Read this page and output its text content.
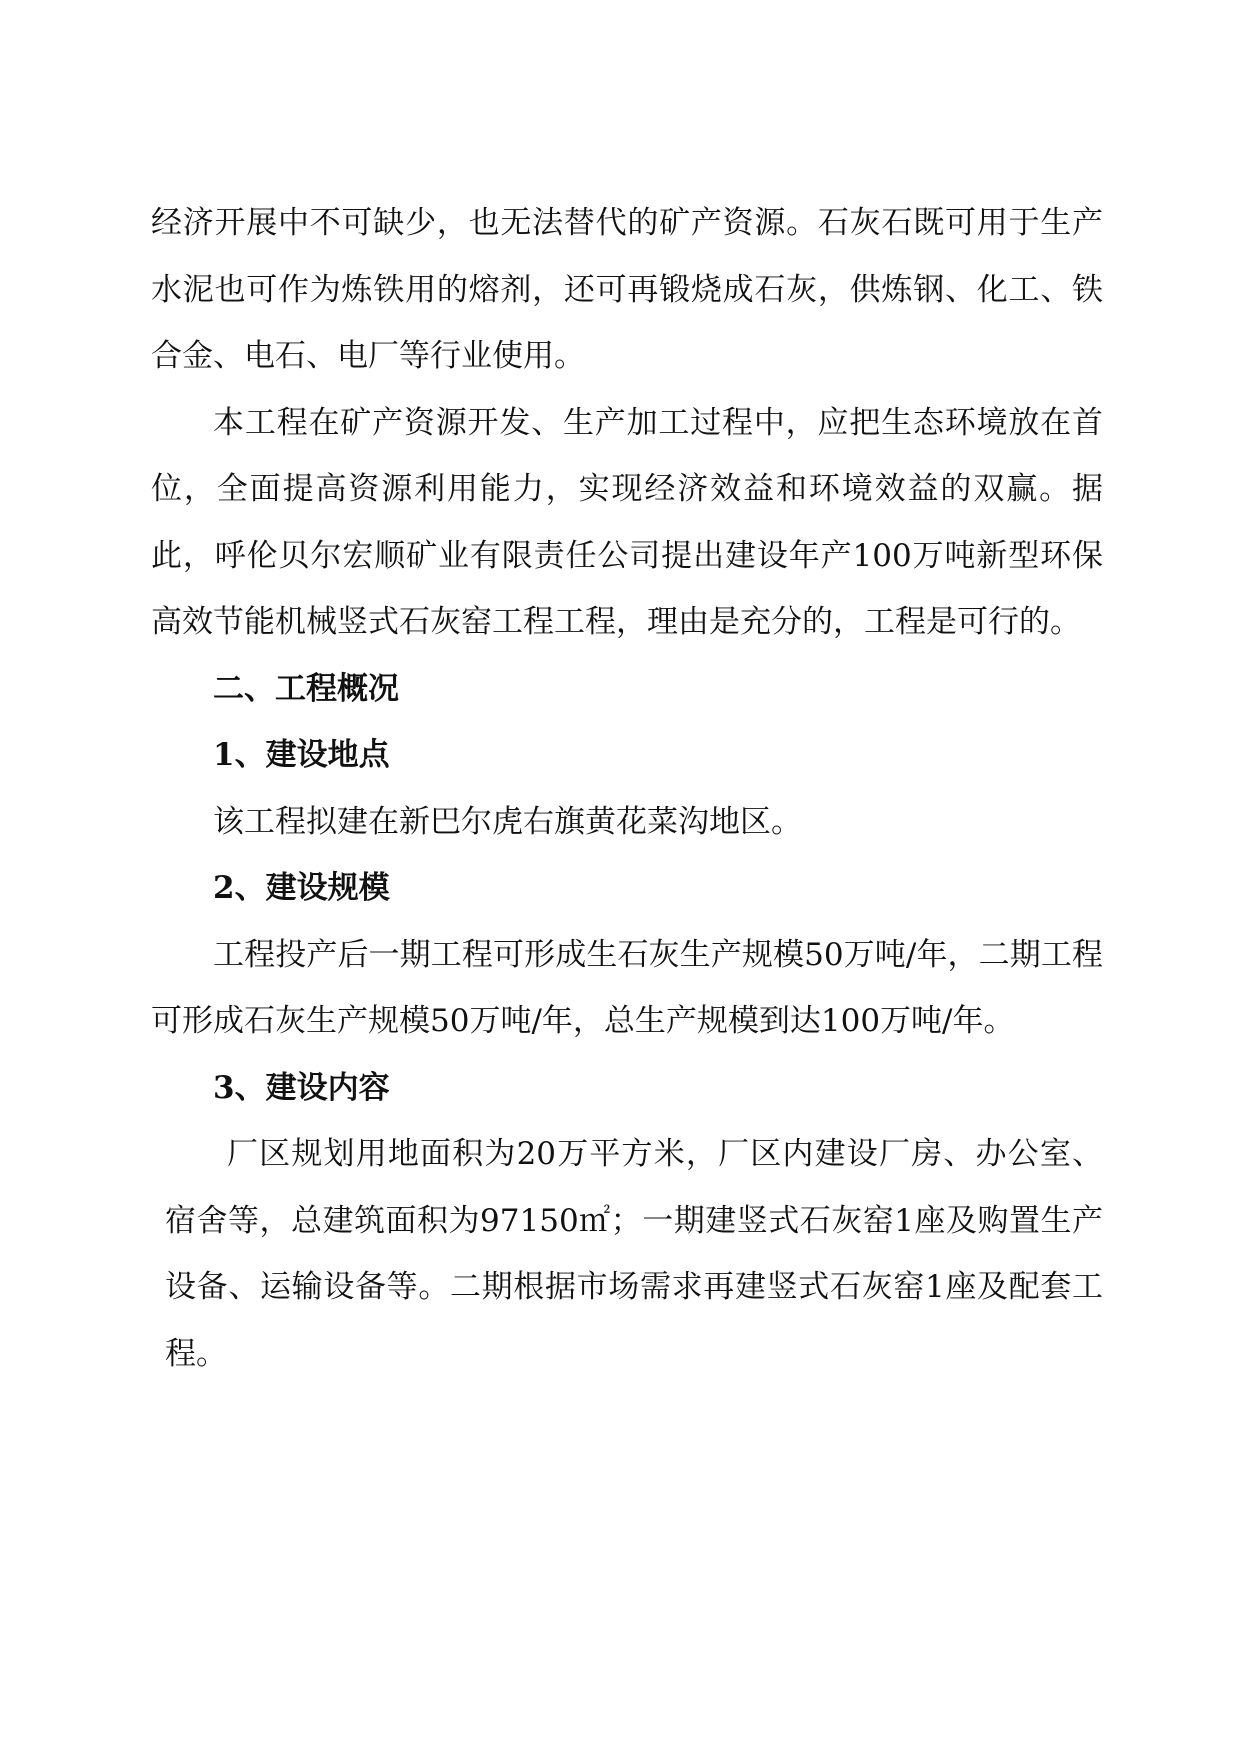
经济开展中不可缺少，也无法替代的矿产资源。石灰石既可用于生产水泥也可作为炼铁用的熔剂，还可再锻烧成石灰，供炼钢、化工、铁合金、电石、电厂等行业使用。

本工程在矿产资源开发、生产加工过程中，应把生态环境放在首位，全面提高资源利用能力，实现经济效益和环境效益的双赢。据此，呼伦贝尔宏顺矿业有限责任公司提出建设年产100万吨新型环保高效节能机械竖式石灰窑工程工程，理由是充分的，工程是可行的。

二、工程概况

1、建设地点

该工程拟建在新巴尔虎右旗黄花菜沟地区。

2、建设规模

工程投产后一期工程可形成生石灰生产规模50万吨/年，二期工程可形成石灰生产规模50万吨/年，总生产规模到达100万吨/年。

3、建设内容

厂区规划用地面积为20万平方米，厂区内建设厂房、办公室、宿舍等，总建筑面积为97150㎡；一期建竖式石灰窑1座及购置生产设备、运输设备等。二期根据市场需求再建竖式石灰窑1座及配套工程。
